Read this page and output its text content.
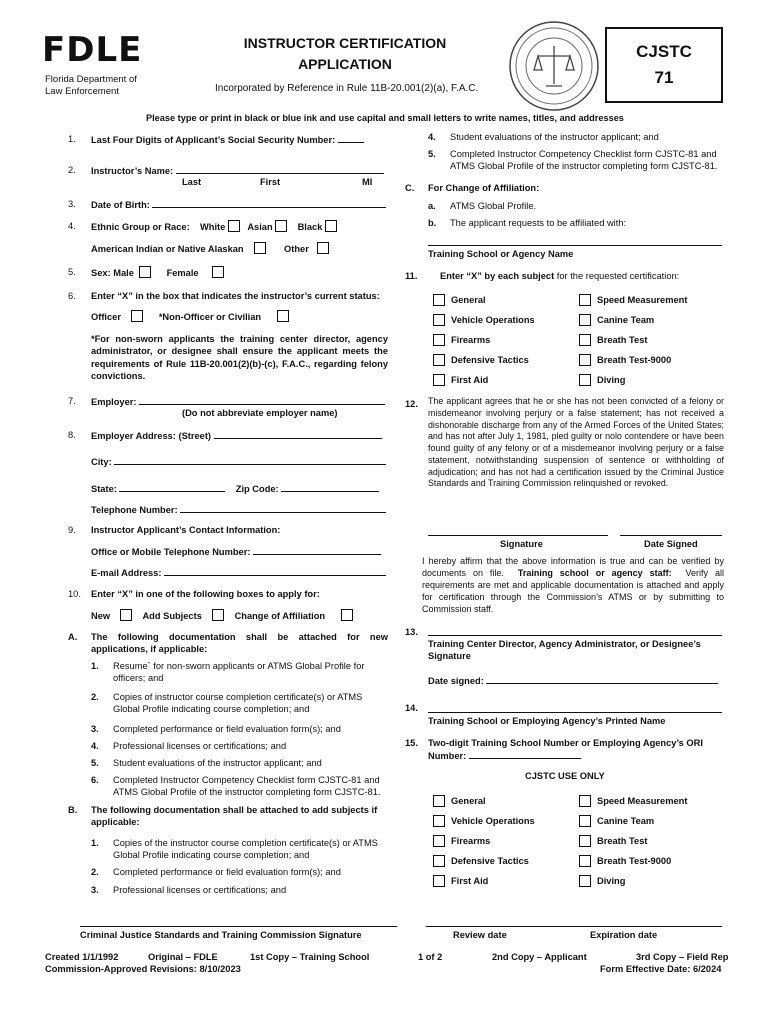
FDLE
Florida Department of
Law Enforcement
INSTRUCTOR CERTIFICATION
APPLICATION
Incorporated by Reference in Rule 11B-20.001(2)(a), F.A.C.
CJSTC
71
Please type or print in black or blue ink and use capital and small letters to write names, titles, and addresses
1. Last Four Digits of Applicant’s Social Security Number:
2. Instructor’s Name:
Last	First	MI
3. Date of Birth:
4. Ethnic Group or Race: White Asian	Black
American Indian or Native Alaskan	Other
5. Sex: Male	Female
6. Enter “X” in the box that indicates the instructor’s current status:
Officer	*Non-Officer or Civilian
*For non-sworn applicants the training center director, agency administrator, or designee shall ensure the applicant meets the requirements of Rule 11B-20.001(2)(b)-(c), F.A.C., regarding felony convictions.
7. Employer:
(Do not abbreviate employer name)
8. Employer Address: (Street)
City:
State:	Zip Code:
Telephone Number:
9. Instructor Applicant’s Contact Information:
Office or Mobile Telephone Number:
E-mail Address:
10. Enter “X” in one of the following boxes to apply for:
New	Add Subjects	Change of Affiliation
A. The following documentation shall be attached for new applications, if applicable:
1. Resume` for non-sworn applicants or ATMS Global Profile for officers; and
2. Copies of instructor course completion certificate(s) or ATMS Global Profile indicating course completion; and
3. Completed performance or field evaluation form(s); and
4. Professional licenses or certifications; and
5. Student evaluations of the instructor applicant; and
6. Completed Instructor Competency Checklist form CJSTC-81 and ATMS Global Profile of the instructor completing form CJSTC-81.
B. The following documentation shall be attached to add subjects if applicable:
1. Copies of the instructor course completion certificate(s) or ATMS Global Profile indicating course completion; and
2. Completed performance or field evaluation form(s); and
3. Professional licenses or certifications; and
4. Student evaluations of the instructor applicant; and
5. Completed Instructor Competency Checklist form CJSTC-81 and ATMS Global Profile of the instructor completing form CJSTC-81.
C. For Change of Affiliation:
a. ATMS Global Profile.
b. The applicant requests to be affiliated with:
Training School or Agency Name
11. Enter “X” by each subject for the requested certification:
General	Speed Measurement
Vehicle Operations	Canine Team
Firearms	Breath Test
Defensive Tactics	Breath Test-9000
First Aid	Diving
12. The applicant agrees that he or she has not been convicted of a felony or misdemeanor involving perjury or a false statement; has not received a dishonorable discharge from any of the Armed Forces of the United States; and has not after July 1, 1981, pled guilty or nolo contendere or have been found guilty of any felony or of a misdemeanor involving perjury or a false statement, notwithstanding suspension of sentence or withholding of adjudication; and has not had a certification issued by the Criminal Justice Standards and Training Commission relinquished or revoked.
Signature	Date Signed
I hereby affirm that the above information is true and can be verified by documents on file. Training school or agency staff: Verify all requirements are met and applicable documentation is attached and apply for certification through the Commission’s ATMS or by submitting to Commission staff.
13.
Training Center Director, Agency Administrator, or Designee’s Signature
Date signed:
14.
Training School or Employing Agency’s Printed Name
15. Two-digit Training School Number or Employing Agency’s ORI Number:
CJSTC USE ONLY
General	Speed Measurement
Vehicle Operations	Canine Team
Firearms	Breath Test
Defensive Tactics	Breath Test-9000
First Aid	Diving
Criminal Justice Standards and Training Commission Signature	Review date	Expiration date
Created 1/1/1992
Commission-Approved Revisions: 8/10/2023
Original – FDLE	1st Copy – Training School	1 of 2	2nd Copy – Applicant	3rd Copy – Field Rep
Form Effective Date: 6/2024
